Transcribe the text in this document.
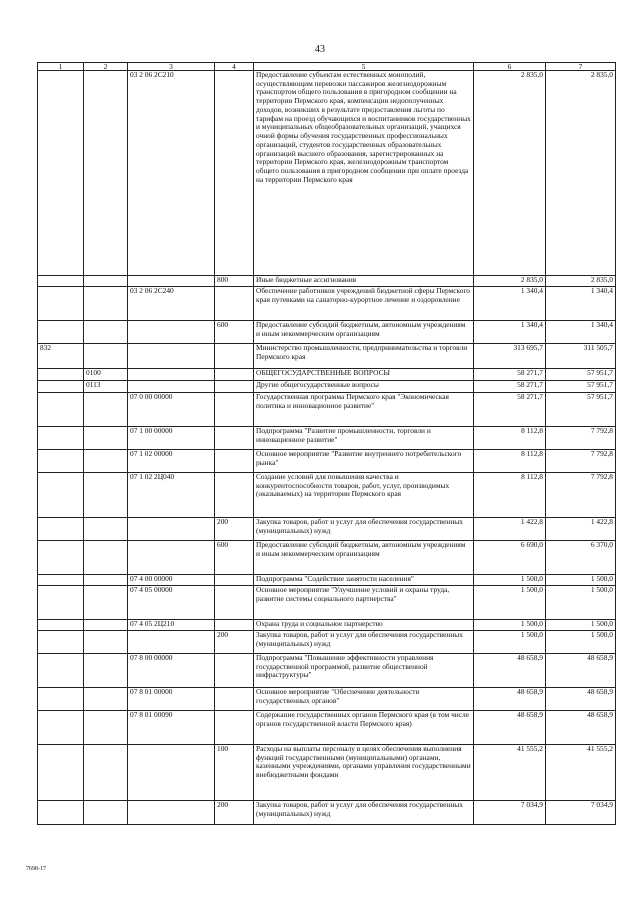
43
1	2	3	4	5	6	7
		03 2 06 2С210		Предоставление субъектам естественных монополий, осуществляющим перевозки пассажиров железнодорожным транспортом общего пользования в пригородном сообщении на территории Пермского края, компенсации недополученных доходов, возникших в результате предоставления льготы по тарифам на проезд обучающихся и воспитанников государственных и муниципальных общеобразовательных организаций, учащихся очной формы обучения государственных профессиональных организаций, студентов государственных образовательных организаций высшего образования, зарегистрированных на территории Пермского края, железнодорожным транспортом общего пользования в пригородном сообщении при оплате проезда на территории Пермского края	2 835,0	2 835,0
			800	Иные бюджетные ассигнования	2 835,0	2 835,0
		03 2 06 2С240		Обеспечение работников учреждений бюджетной сферы Пермского края путевками на санаторно-курортное лечение и оздоровление	1 340,4	1 340,4
			600	Предоставление субсидий бюджетным, автономным учреждениям и иным некоммерческим организациям	1 340,4	1 340,4
832				Министерство промышленности, предпринимательства и торговли Пермского края	313 695,7	311 505,7
	0100			ОБЩЕГОСУДАРСТВЕННЫЕ ВОПРОСЫ	58 271,7	57 951,7
	0113			Другие общегосударственные вопросы	58 271,7	57 951,7
		07 0 00 00000		Государственная программа Пермского края "Экономическая политика и инновационное развитие"	58 271,7	57 951,7
		07 1 00 00000		Подпрограмма "Развитие промышленности, торговли и инновационное развитие"	8 112,8	7 792,8
		07 1 02 00000		Основное мероприятие "Развитие внутреннего потребительского рынка"	8 112,8	7 792,8
		07 1 02 2Ц040		Создание условий для повышения качества и конкурентоспособности товаров, работ, услуг, производимых (оказываемых) на территории Пермского края	8 112,8	7 792,8
			200	Закупка товаров, работ и услуг для обеспечения государственных (муниципальных) нужд	1 422,8	1 422,8
			600	Предоставление субсидий бюджетным, автономным учреждениям и иным некоммерческим организациям	6 690,0	6 370,0
		07 4 00 00000		Подпрограмма "Содействие занятости населения"	1 500,0	1 500,0
		07 4 05 00000		Основное мероприятие "Улучшение условий и охраны труда, развитие системы социального партнерства"	1 500,0	1 500,0
		07 4 05 2Ц210		Охрана труда и социальное партнерство	1 500,0	1 500,0
			200	Закупка товаров, работ и услуг для обеспечения государственных (муниципальных) нужд	1 500,0	1 500,0
		07 8 00 00000		Подпрограмма "Повышение эффективности управления государственной программой, развитие общественной инфраструктуры"	48 658,9	48 658,9
		07 8 01 00000		Основное мероприятие "Обеспечение деятельности государственных органов"	48 658,9	48 658,9
		07 8 01 00090		Содержание государственных органов Пермского края (в том числе органов государственной власти Пермского края)	48 658,9	48 658,9
			100	Расходы на выплаты персоналу в целях обеспечения выполнения функций государственными (муниципальными) органами, казенными учреждениями, органами управления государственными внебюджетными фондами	41 555,2	41 555,2
			200	Закупка товаров, работ и услуг для обеспечения государственных (муниципальных) нужд	7 034,9	7 034,9
7698-17
